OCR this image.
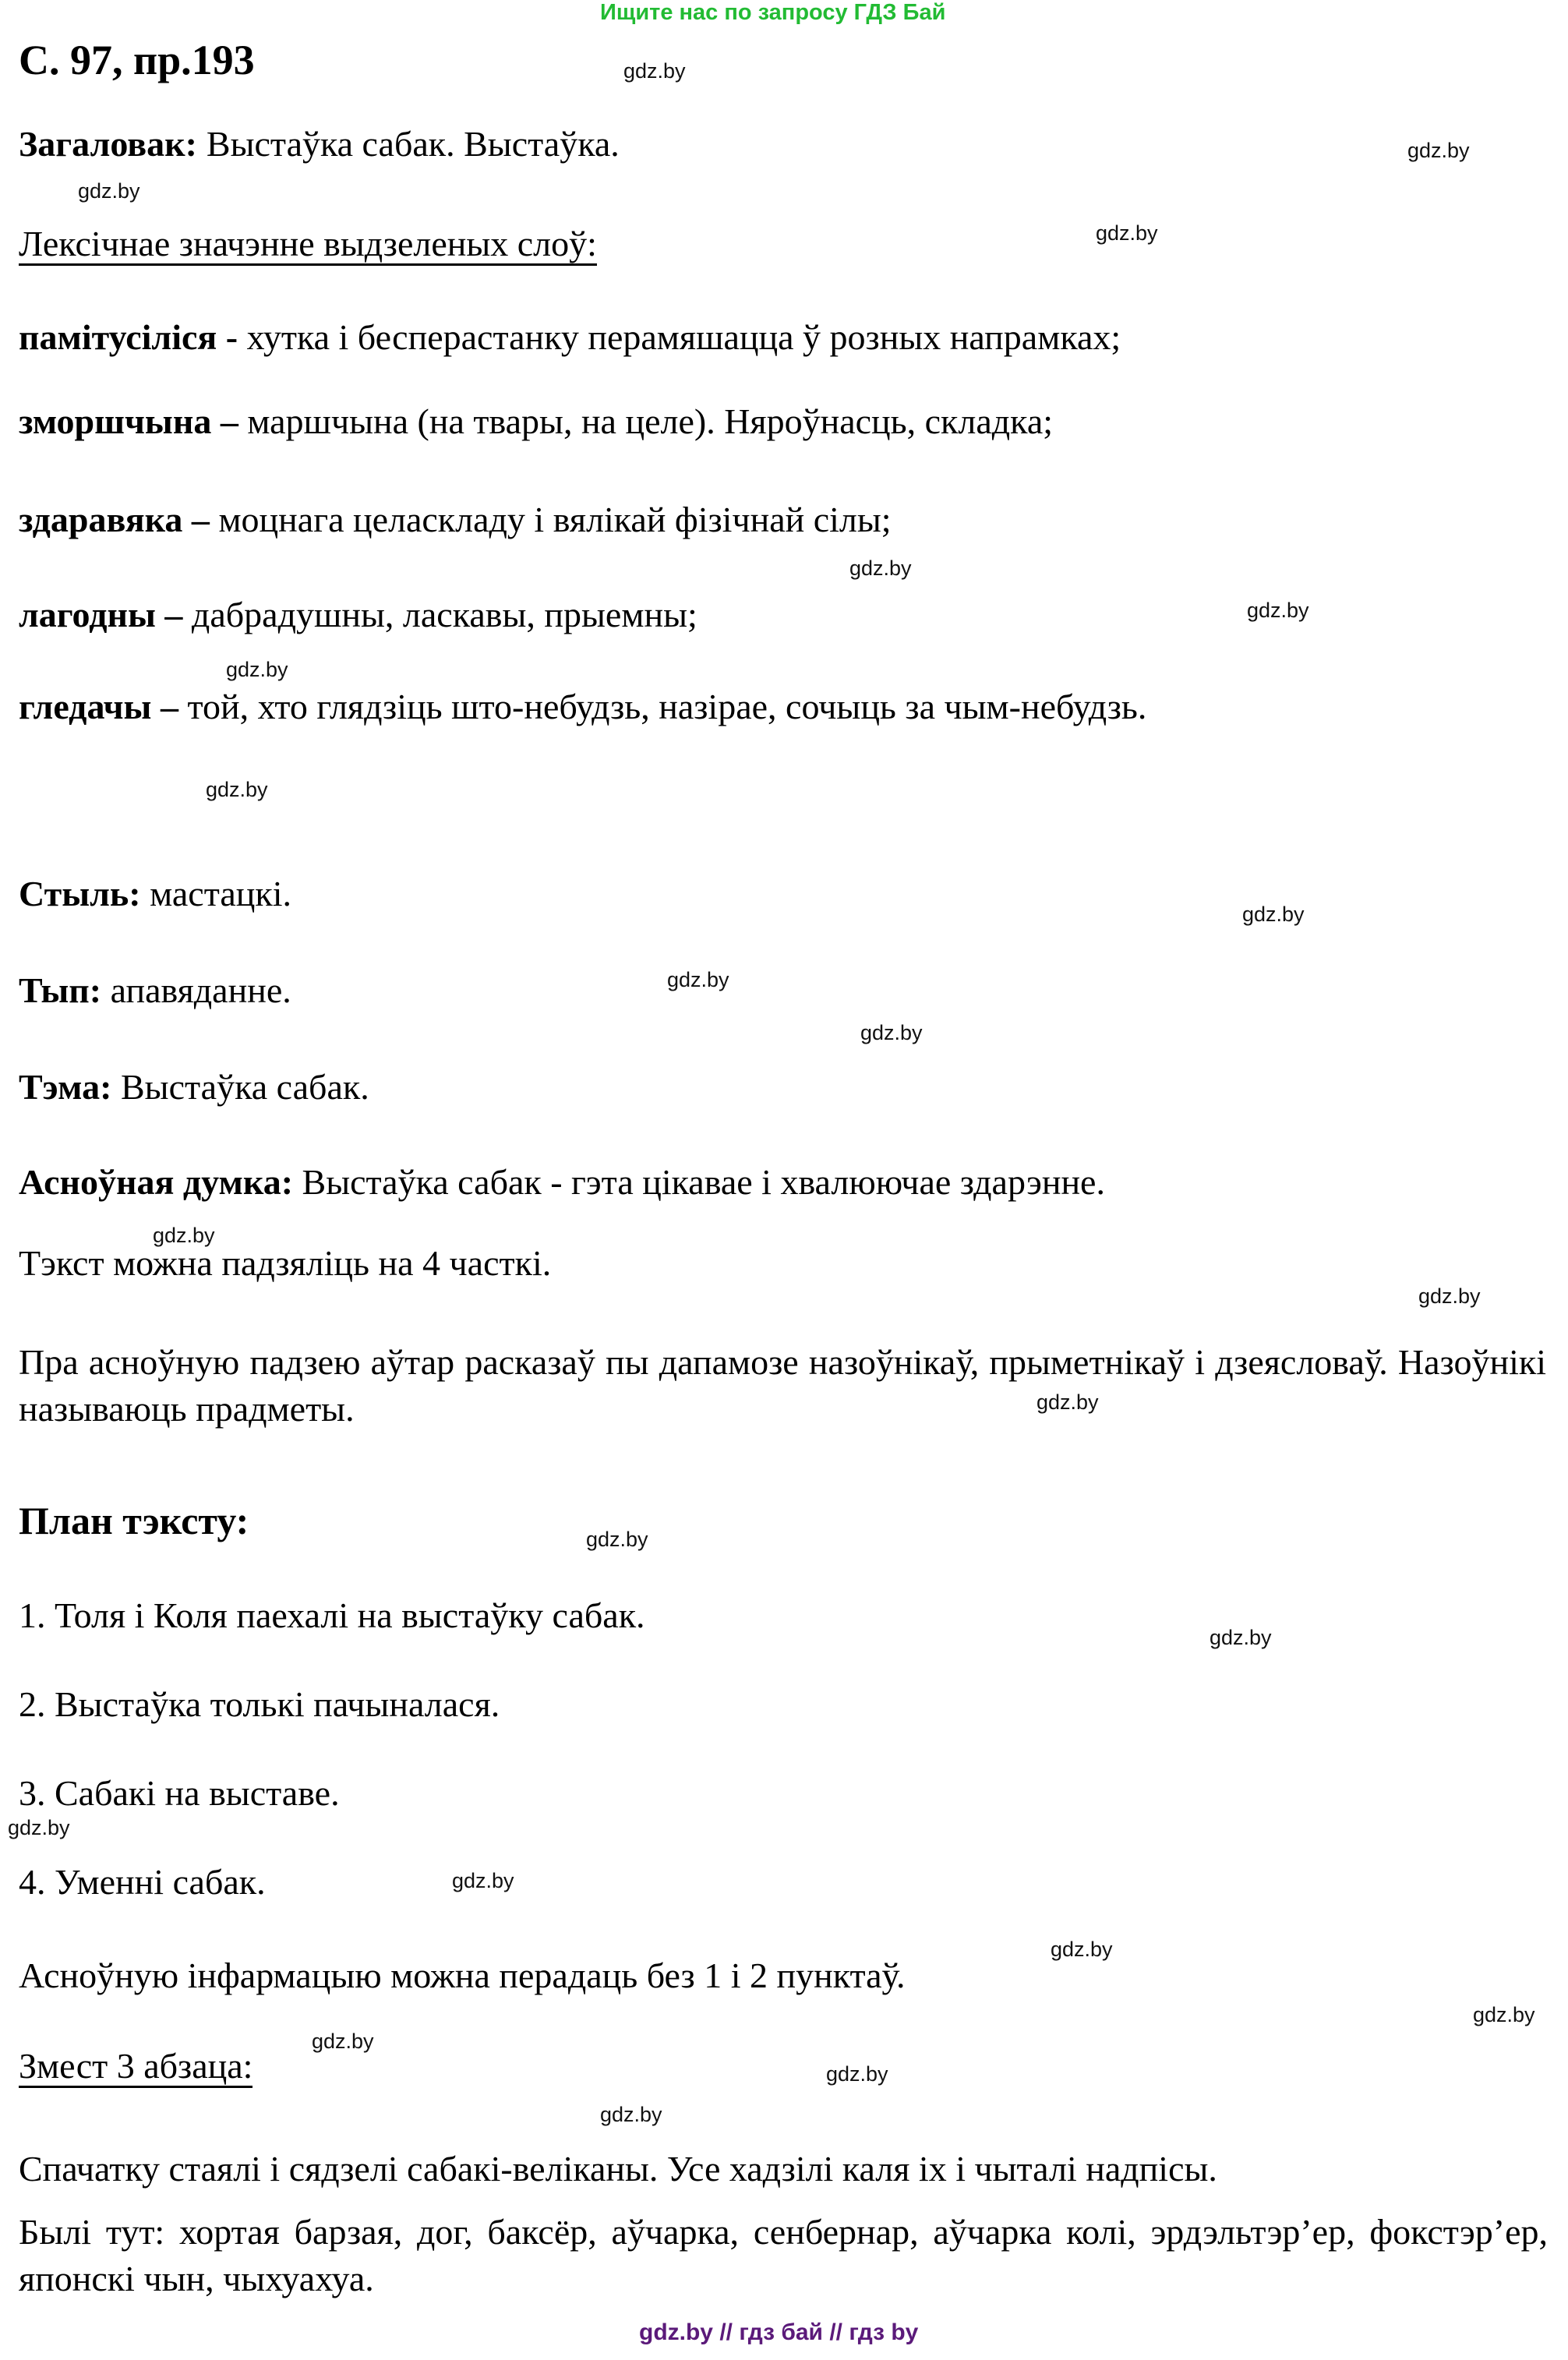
Ищите нас по запросу ГДЗ Бай
С. 97, пр.193
Загаловак: Выстаўка сабак. Выстаўка.
Лексічнае значэнне выдзеленых слоў:
памітусіліся - хутка і бесперастанку перамяшацца ў розных напрамках;
зморшчына – маршчына (на твары, на целе). Няроўнасць, складка;
здаравяка – моцнага целаскладу і вялікай фізічнай сілы;
лагодны – дабрадушны, ласкавы, прыемны;
гледачы – той, хто глядзіць што-небудзь, назірае, сочыць за чым-небудзь.
Стыль: мастацкі.
Тып: апавяданне.
Тэма: Выстаўка сабак.
Асноўная думка: Выстаўка сабак - гэта цікавае і хвалюючае здарэнне.
Тэкст можна падзяліць на 4 часткі.
Пра асноўную падзею аўтар расказаў пы дапамозе назоўнікаў, прыметнікаў і дзеясловаў. Назоўнікі называюць прадметы.
План тэксту:
1. Толя і Коля паехалі на выстаўку сабак.
2. Выстаўка толькі пачыналася.
3. Сабакі на выставе.
4. Уменні сабак.
Асноўную інфармацыю можна перадаць без 1 і 2 пунктаў.
Змест 3 абзаца:
Спачатку стаялі і сядзелі сабакі-велiканы. Усе хадзілі каля іх і чыталі надпісы.
Былі тут: хортая барзая, дог, баксёр, аўчарка, сенбернар, аўчарка колі, эрдэльтэр’ер, фокстэр’ер, японскі чын, чыхуахуа.
gdz.by
gdz.by
gdz.by
gdz.by
gdz.by
gdz.by
gdz.by
gdz.by
gdz.by
gdz.by
gdz.by
gdz.by
gdz.by
gdz.by
gdz.by
gdz.by
gdz.by
gdz.by
gdz.by
gdz.by
gdz.by
gdz.by
gdz.by
gdz.by // гдз бай // гдз by
